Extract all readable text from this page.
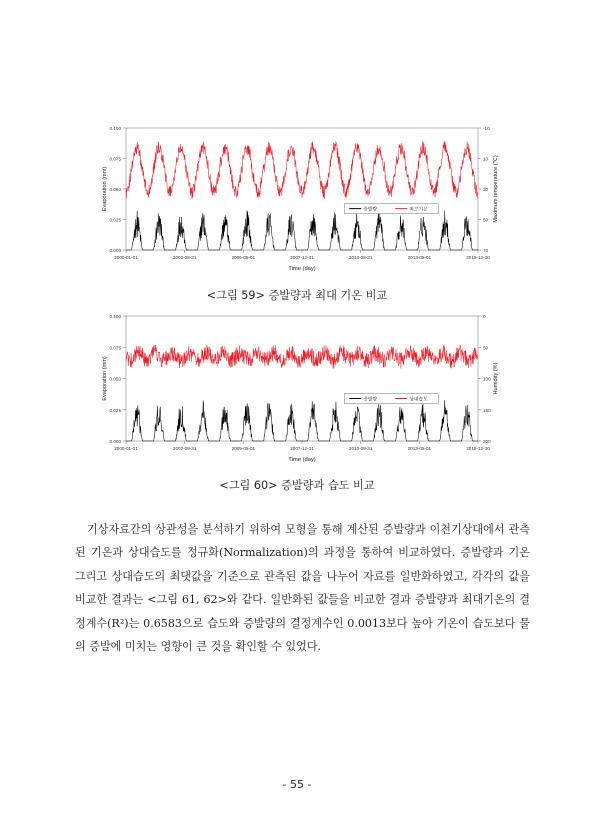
0.000
0.025
0.050
0.075
0.100	-10
10
30
50
70
2000-01-01	2002-08-31	2005-05-01	2007-12-31	2010-08-31	2013-05-01	2015-12-30
Time (day)
Evaporation (mm)	Maximum temperature (℃)
증발량	최고기온
<그림 59> 증발량과 최대 기온 비교
0.000
0.025
0.050
0.075
0.100	0
50
100
150
200
2000-01-01	2002-08-31	2005-05-01	2007-12-31	2010-08-31	2013-05-01	2015-12-30
Time (day)
Evaporation (mm)	Humidity (%)
증발량	상대습도
<그림 60> 증발량과 습도 비교

기상자료간의 상관성을 분석하기 위하여 모형을 통해 계산된 증발량과 이천기상대에서 관측된 기온과 상대습도를 정규화(Normalization)의 과정을 통하여 비교하였다. 증발량과 기온 그리고 상대습도의 최댓값을 기준으로 관측된 값을 나누어 자료를 일반화하였고, 각각의 값을 비교한 결과는 <그림 61, 62>와 같다. 일반화된 값들을 비교한 결과 증발량과 최대기온의 결정계수(R²)는 0.6583으로 습도와 증발량의 결정계수인 0.0013보다 높아 기온이 습도보다 물의 증발에 미치는 영향이 큰 것을 확인할 수 있었다.

- 55 -
